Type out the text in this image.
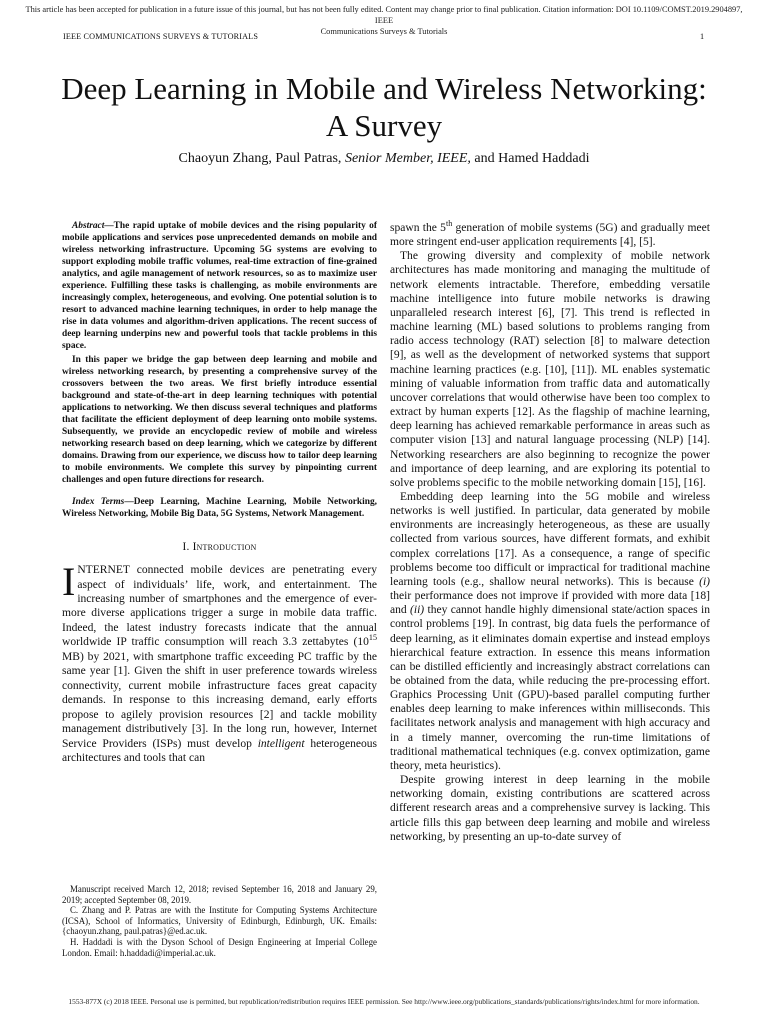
This article has been accepted for publication in a future issue of this journal, but has not been fully edited. Content may change prior to final publication. Citation information: DOI 10.1109/COMST.2019.2904897, IEEE
Communications Surveys & Tutorials
IEEE COMMUNICATIONS SURVEYS & TUTORIALS	1
Deep Learning in Mobile and Wireless Networking:
A Survey
Chaoyun Zhang, Paul Patras, Senior Member, IEEE, and Hamed Haddadi

Abstract—The rapid uptake of mobile devices and the rising popularity of mobile applications and services pose unprecedented demands on mobile and wireless networking infrastructure. Upcoming 5G systems are evolving to support exploding mobile traffic volumes, real-time extraction of fine-grained analytics, and agile management of network resources, so as to maximize user experience. Fulfilling these tasks is challenging, as mobile environments are increasingly complex, heterogeneous, and evolving. One potential solution is to resort to advanced machine learning techniques, in order to help manage the rise in data volumes and algorithm-driven applications. The recent success of deep learning underpins new and powerful tools that tackle problems in this space.

In this paper we bridge the gap between deep learning and mobile and wireless networking research, by presenting a comprehensive survey of the crossovers between the two areas. We first briefly introduce essential background and state-of-the-art in deep learning techniques with potential applications to networking. We then discuss several techniques and platforms that facilitate the efficient deployment of deep learning onto mobile systems. Subsequently, we provide an encyclopedic review of mobile and wireless networking research based on deep learning, which we categorize by different domains. Drawing from our experience, we discuss how to tailor deep learning to mobile environments. We complete this survey by pinpointing current challenges and open future directions for research.

Index Terms—Deep Learning, Machine Learning, Mobile Networking, Wireless Networking, Mobile Big Data, 5G Systems, Network Management.

I. Introduction

INTERNET connected mobile devices are penetrating every aspect of individuals’ life, work, and entertainment. The increasing number of smartphones and the emergence of ever-more diverse applications trigger a surge in mobile data traffic. Indeed, the latest industry forecasts indicate that the annual worldwide IP traffic consumption will reach 3.3 zettabytes ($10^{15}$ MB) by 2021, with smartphone traffic exceeding PC traffic by the same year [1]. Given the shift in user preference towards wireless connectivity, current mobile infrastructure faces great capacity demands. In response to this increasing demand, early efforts propose to agilely provision resources [2] and tackle mobility management distributively [3]. In the long run, however, Internet Service Providers (ISPs) must develop intelligent heterogeneous architectures and tools that can

Manuscript received March 12, 2018; revised September 16, 2018 and January 29, 2019; accepted September 08, 2019.

C. Zhang and P. Patras are with the Institute for Computing Systems Architecture (ICSA), School of Informatics, University of Edinburgh, Edinburgh, UK. Emails: {chaoyun.zhang, paul.patras}@ed.ac.uk.

H. Haddadi is with the Dyson School of Design Engineering at Imperial College London. Email: h.haddadi@imperial.ac.uk.

spawn the 5th generation of mobile systems (5G) and gradually meet more stringent end-user application requirements [4], [5].

The growing diversity and complexity of mobile network architectures has made monitoring and managing the multitude of network elements intractable. Therefore, embedding versatile machine intelligence into future mobile networks is drawing unparalleled research interest [6], [7]. This trend is reflected in machine learning (ML) based solutions to problems ranging from radio access technology (RAT) selection [8] to malware detection [9], as well as the development of networked systems that support machine learning practices (e.g. [10], [11]). ML enables systematic mining of valuable information from traffic data and automatically uncover correlations that would otherwise have been too complex to extract by human experts [12]. As the flagship of machine learning, deep learning has achieved remarkable performance in areas such as computer vision [13] and natural language processing (NLP) [14]. Networking researchers are also beginning to recognize the power and importance of deep learning, and are exploring its potential to solve problems specific to the mobile networking domain [15], [16].

Embedding deep learning into the 5G mobile and wireless networks is well justified. In particular, data generated by mobile environments are increasingly heterogeneous, as these are usually collected from various sources, have different formats, and exhibit complex correlations [17]. As a consequence, a range of specific problems become too difficult or impractical for traditional machine learning tools (e.g., shallow neural networks). This is because (i) their performance does not improve if provided with more data [18] and (ii) they cannot handle highly dimensional state/action spaces in control problems [19]. In contrast, big data fuels the performance of deep learning, as it eliminates domain expertise and instead employs hierarchical feature extraction. In essence this means information can be distilled efficiently and increasingly abstract correlations can be obtained from the data, while reducing the pre-processing effort. Graphics Processing Unit (GPU)-based parallel computing further enables deep learning to make inferences within milliseconds. This facilitates network analysis and management with high accuracy and in a timely manner, overcoming the run-time limitations of traditional mathematical techniques (e.g. convex optimization, game theory, meta heuristics).

Despite growing interest in deep learning in the mobile networking domain, existing contributions are scattered across different research areas and a comprehensive survey is lacking. This article fills this gap between deep learning and mobile and wireless networking, by presenting an up-to-date survey of

1553-877X (c) 2018 IEEE. Personal use is permitted, but republication/redistribution requires IEEE permission. See http://www.ieee.org/publications_standards/publications/rights/index.html for more information.
